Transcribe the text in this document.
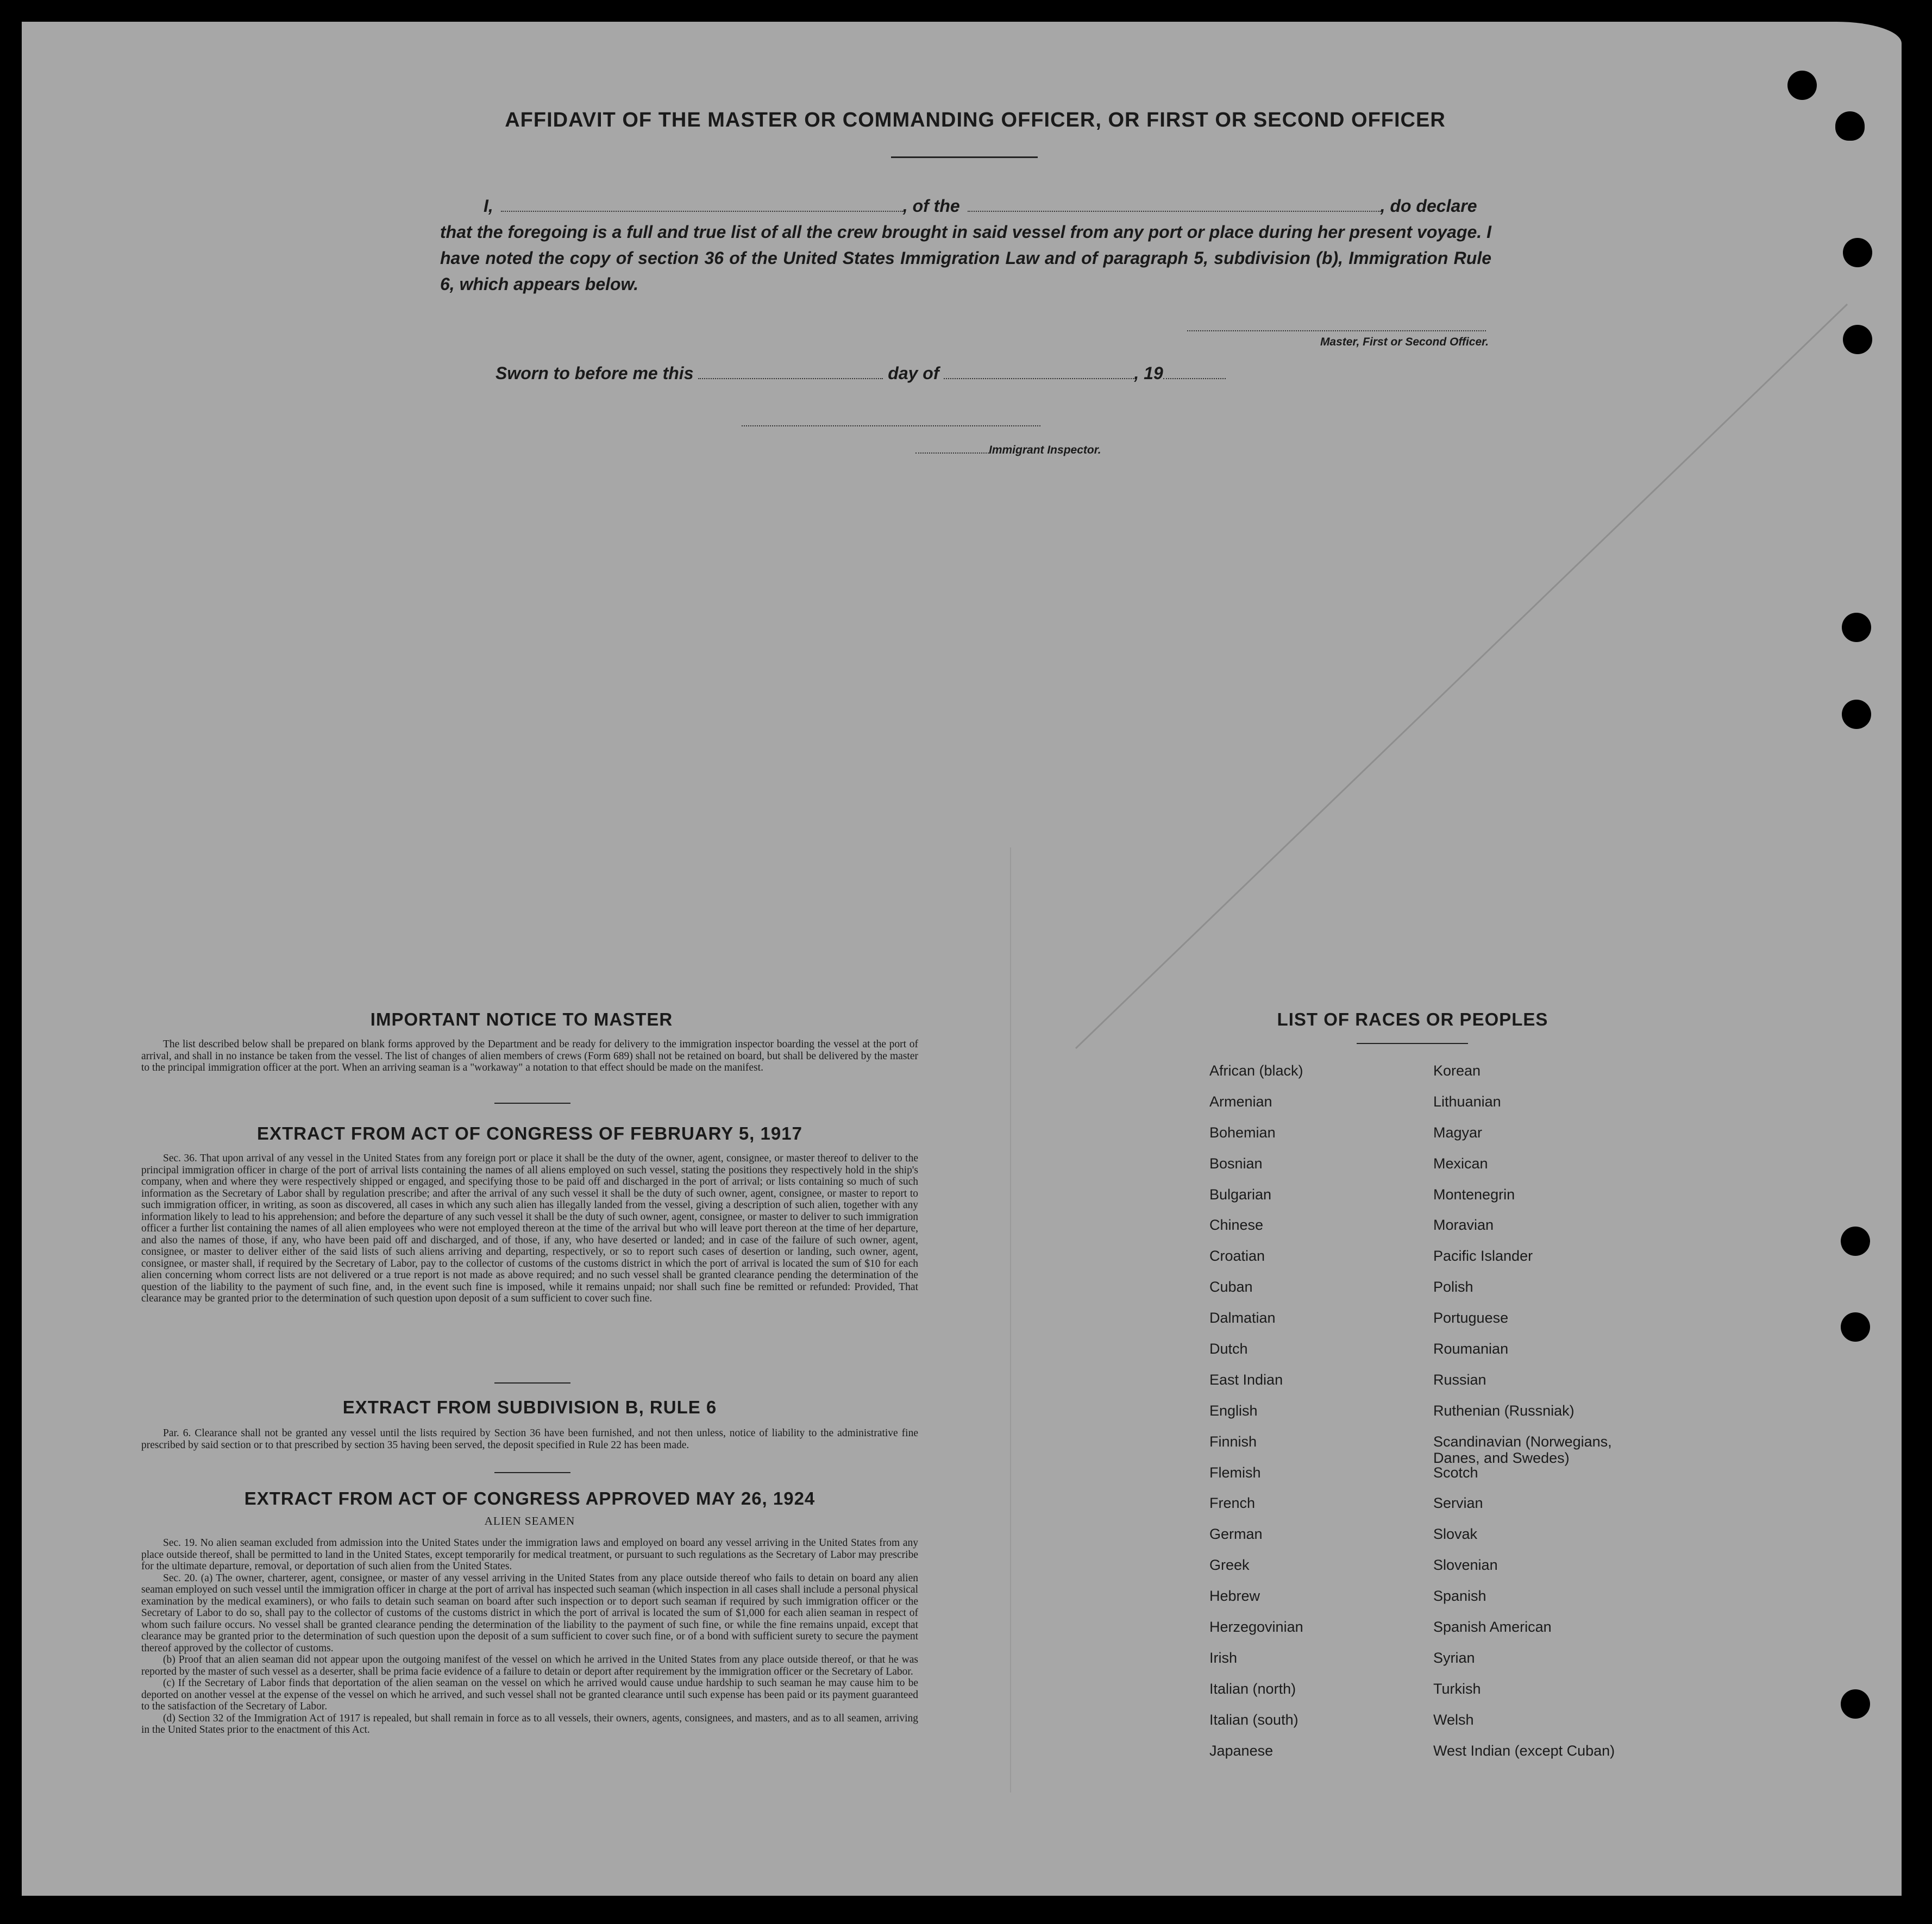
AFFIDAVIT OF THE MASTER OR COMMANDING OFFICER, OR FIRST OR SECOND OFFICER
I,	, of the	, do declare
that the foregoing is a full and true list of all the crew brought in said vessel from any port or place during her present voyage. I have noted the copy of section 36 of the United States Immigration Law and of paragraph 5, subdivision (b), Immigration Rule 6, which appears below.
Master, First or Second Officer.
Sworn to before me this	day of	, 19
Immigrant Inspector.
IMPORTANT NOTICE TO MASTER

The list described below shall be prepared on blank forms approved by the Department and be ready for delivery to the immigration inspector boarding the vessel at the port of arrival, and shall in no instance be taken from the vessel. The list of changes of alien members of crews (Form 689) shall not be retained on board, but shall be delivered by the master to the principal immigration officer at the port. When an arriving seaman is a "workaway" a notation to that effect should be made on the manifest.

EXTRACT FROM ACT OF CONGRESS OF FEBRUARY 5, 1917

Sec. 36. That upon arrival of any vessel in the United States from any foreign port or place it shall be the duty of the owner, agent, consignee, or master thereof to deliver to the principal immigration officer in charge of the port of arrival lists containing the names of all aliens employed on such vessel, stating the positions they respectively hold in the ship's company, when and where they were respectively shipped or engaged, and specifying those to be paid off and discharged in the port of arrival; or lists containing so much of such information as the Secretary of Labor shall by regulation prescribe; and after the arrival of any such vessel it shall be the duty of such owner, agent, consignee, or master to report to such immigration officer, in writing, as soon as discovered, all cases in which any such alien has illegally landed from the vessel, giving a description of such alien, together with any information likely to lead to his apprehension; and before the departure of any such vessel it shall be the duty of such owner, agent, consignee, or master to deliver to such immigration officer a further list containing the names of all alien employees who were not employed thereon at the time of the arrival but who will leave port thereon at the time of her departure, and also the names of those, if any, who have been paid off and discharged, and of those, if any, who have deserted or landed; and in case of the failure of such owner, agent, consignee, or master to deliver either of the said lists of such aliens arriving and departing, respectively, or so to report such cases of desertion or landing, such owner, agent, consignee, or master shall, if required by the Secretary of Labor, pay to the collector of customs of the customs district in which the port of arrival is located the sum of $10 for each alien concerning whom correct lists are not delivered or a true report is not made as above required; and no such vessel shall be granted clearance pending the determination of the question of the liability to the payment of such fine, and, in the event such fine is imposed, while it remains unpaid; nor shall such fine be remitted or refunded: Provided, That clearance may be granted prior to the determination of such question upon deposit of a sum sufficient to cover such fine.

EXTRACT FROM SUBDIVISION B, RULE 6

Par. 6. Clearance shall not be granted any vessel until the lists required by Section 36 have been furnished, and not then unless, notice of liability to the administrative fine prescribed by said section or to that prescribed by section 35 having been served, the deposit specified in Rule 22 has been made.

EXTRACT FROM ACT OF CONGRESS APPROVED MAY 26, 1924
ALIEN SEAMEN

Sec. 19. No alien seaman excluded from admission into the United States under the immigration laws and employed on board any vessel arriving in the United States from any place outside thereof, shall be permitted to land in the United States, except temporarily for medical treatment, or pursuant to such regulations as the Secretary of Labor may prescribe for the ultimate departure, removal, or deportation of such alien from the United States.

Sec. 20. (a) The owner, charterer, agent, consignee, or master of any vessel arriving in the United States from any place outside thereof who fails to detain on board any alien seaman employed on such vessel until the immigration officer in charge at the port of arrival has inspected such seaman (which inspection in all cases shall include a personal physical examination by the medical examiners), or who fails to detain such seaman on board after such inspection or to deport such seaman if required by such immigration officer or the Secretary of Labor to do so, shall pay to the collector of customs of the customs district in which the port of arrival is located the sum of $1,000 for each alien seaman in respect of whom such failure occurs. No vessel shall be granted clearance pending the determination of the liability to the payment of such fine, or while the fine remains unpaid, except that clearance may be granted prior to the determination of such question upon the deposit of a sum sufficient to cover such fine, or of a bond with sufficient surety to secure the payment thereof approved by the collector of customs.

(b) Proof that an alien seaman did not appear upon the outgoing manifest of the vessel on which he arrived in the United States from any place outside thereof, or that he was reported by the master of such vessel as a deserter, shall be prima facie evidence of a failure to detain or deport after requirement by the immigration officer or the Secretary of Labor.

(c) If the Secretary of Labor finds that deportation of the alien seaman on the vessel on which he arrived would cause undue hardship to such seaman he may cause him to be deported on another vessel at the expense of the vessel on which he arrived, and such vessel shall not be granted clearance until such expense has been paid or its payment guaranteed to the satisfaction of the Secretary of Labor.

(d) Section 32 of the Immigration Act of 1917 is repealed, but shall remain in force as to all vessels, their owners, agents, consignees, and masters, and as to all seamen, arriving in the United States prior to the enactment of this Act.

LIST OF RACES OR PEOPLES
African (black)
Armenian
Bohemian
Bosnian
Bulgarian
Chinese
Croatian
Cuban
Dalmatian
Dutch
East Indian
English
Finnish
Flemish
French
German
Greek
Hebrew
Herzegovinian
Irish
Italian (north)
Italian (south)
Japanese
Korean
Lithuanian
Magyar
Mexican
Montenegrin
Moravian
Pacific Islander
Polish
Portuguese
Roumanian
Russian
Ruthenian (Russniak)
Scandinavian (Norwegians, Danes, and Swedes)
Scotch
Servian
Slovak
Slovenian
Spanish
Spanish American
Syrian
Turkish
Welsh
West Indian (except Cuban)
